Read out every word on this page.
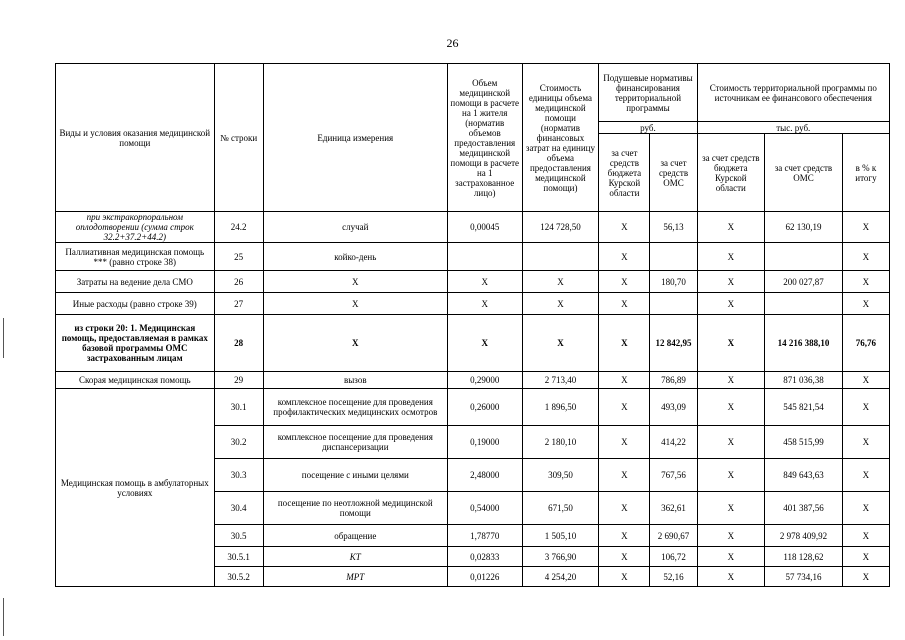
26
Виды и условия оказания медицинской помощи	№ строки	Единица измерения	Объем медицинской помощи в расчете на 1 жителя (норматив объемов предоставления медицинской помощи в расчете на 1 застрахованное лицо)	Стоимость единицы объема медицинской помощи (норматив финансовых затрат на единицу объема предоставления медицинской помощи)	Подушевые нормативы финансирования территориальной программы		Стоимость территориальной программы по источникам ее финансового обеспечения		
					руб.		тыс. руб.		
					за счет средств бюджета Курской области	за счет средств ОМС	за счет средств бюджета Курской области	за счет средств ОМС	в % к итогу
при экстракорпоральном оплодотворении (сумма строк 32.2+37.2+44.2)	24.2	случай	0,00045	124 728,50	X	56,13	X	62 130,19	X
Паллиативная медицинская помощь *** (равно строке 38)	25	койко-день			X		X		X
Затраты на ведение дела СМО	26	X	X	X	X	180,70	X	200 027,87	X
Иные расходы (равно строке 39)	27	X	X	X	X		X		X
из строки 20: 1. Медицинская помощь, предоставляемая в рамках базовой программы ОМС застрахованным лицам	28	X	X	X	X	12 842,95	X	14 216 388,10	76,76
Скорая медицинская помощь	29	вызов	0,29000	2 713,40	X	786,89	X	871 036,38	X
Медицинская помощь в амбулаторных условиях	30.1	комплексное посещение для проведения профилактических медицинских осмотров	0,26000	1 896,50	X	493,09	X	545 821,54	X
	30.2	комплексное посещение для проведения диспансеризации	0,19000	2 180,10	X	414,22	X	458 515,99	X
	30.3	посещение с иными целями	2,48000	309,50	X	767,56	X	849 643,63	X
	30.4	посещение по неотложной медицинской помощи	0,54000	671,50	X	362,61	X	401 387,56	X
	30.5	обращение	1,78770	1 505,10	X	2 690,67	X	2 978 409,92	X
	30.5.1	КТ	0,02833	3 766,90	X	106,72	X	118 128,62	X
	30.5.2	МРТ	0,01226	4 254,20	X	52,16	X	57 734,16	X
